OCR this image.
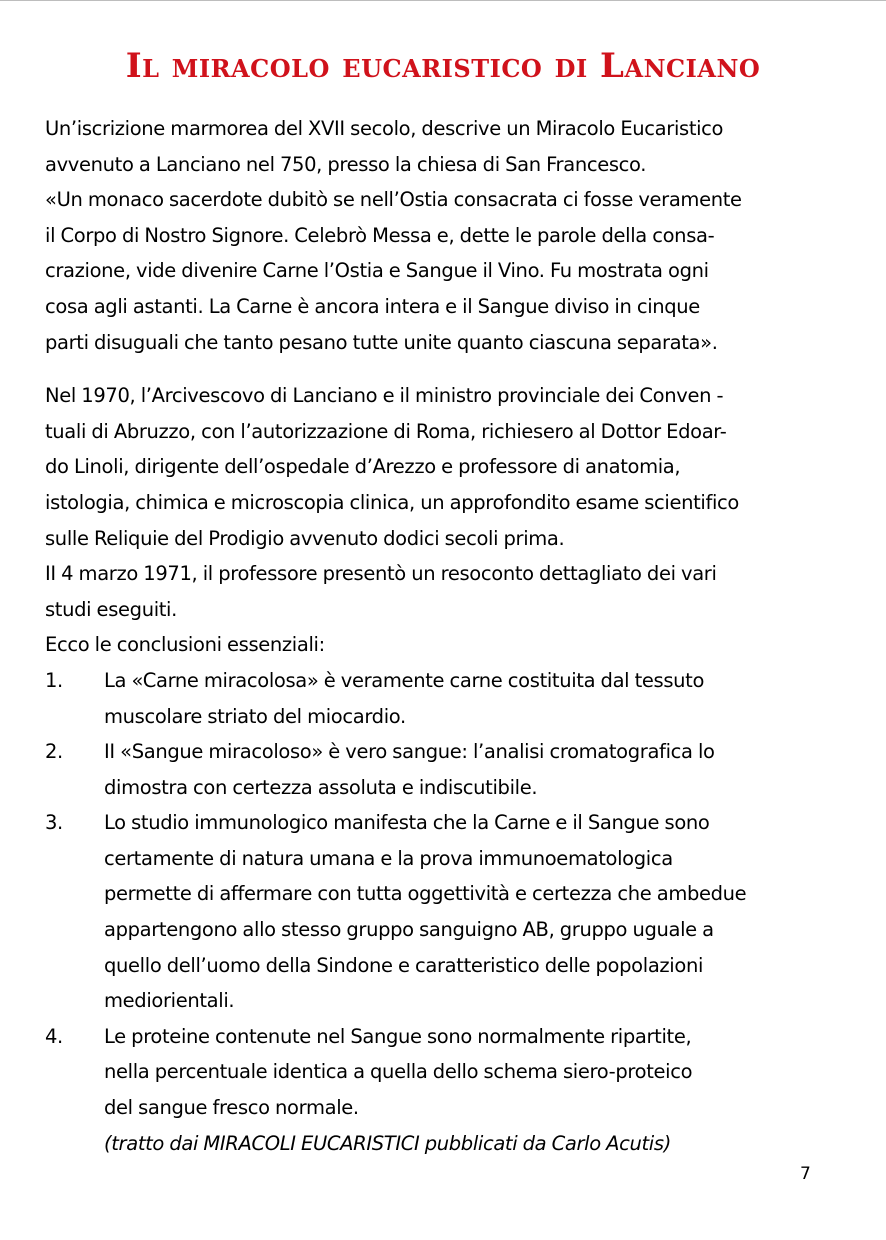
Il miracolo eucaristico di Lanciano

Un’iscrizione marmorea del XVII secolo, descrive un Miracolo Eucaristico
avvenuto a Lanciano nel 750, presso la chiesa di San Francesco.
«Un monaco sacerdote dubitò se nell’Ostia consacrata ci fosse veramente
il Corpo di Nostro Signore. Celebrò Messa e, dette le parole della consa-
crazione, vide divenire Carne l’Ostia e Sangue il Vino. Fu mostrata ogni
cosa agli astanti. La Carne è ancora intera e il Sangue diviso in cinque
parti disuguali che tanto pesano tutte unite quanto ciascuna separata».

Nel 1970, l’Arcivescovo di Lanciano e il ministro provinciale dei Conven -
tuali di Abruzzo, con l’autorizzazione di Roma, richiesero al Dottor Edoar-
do Linoli, dirigente dell’ospedale d’Arezzo e professore di anatomia,
istologia, chimica e microscopia clinica, un approfondito esame scientifico
sulle Reliquie del Prodigio avvenuto dodici secoli prima.
II 4 marzo 1971, il professore presentò un resoconto dettagliato dei vari
studi eseguiti.
Ecco le conclusioni essenziali:

1.	La «Carne miracolosa» è veramente carne costituita dal tessuto
muscolare striato del miocardio.
2.	II «Sangue miracoloso» è vero sangue: l’analisi cromatografica lo
dimostra con certezza assoluta e indiscutibile.
3.	Lo studio immunologico manifesta che la Carne e il Sangue sono
certamente di natura umana e la prova immunoematologica
permette di affermare con tutta oggettività e certezza che ambedue
appartengono allo stesso gruppo sanguigno AB, gruppo uguale a
quello dell’uomo della Sindone e caratteristico delle popolazioni
mediorientali.
4.	Le proteine contenute nel Sangue sono normalmente ripartite,
nella percentuale identica a quella dello schema siero-proteico
del sangue fresco normale.
(tratto dai MIRACOLI EUCARISTICI pubblicati da Carlo Acutis)
7
